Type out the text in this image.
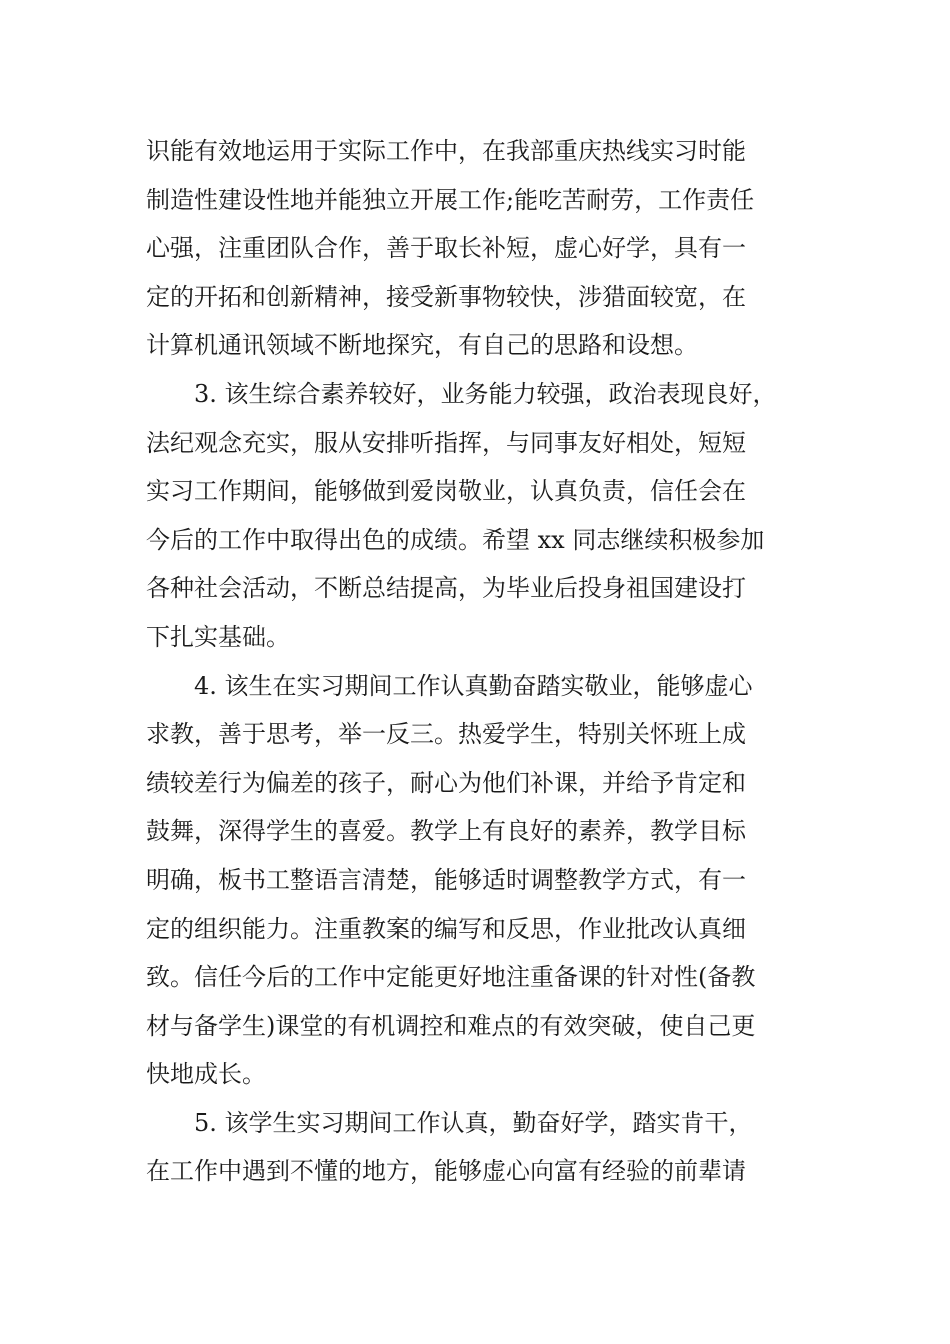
识能有效地运用于实际工作中，在我部重庆热线实习时能
制造性建设性地并能独立开展工作;能吃苦耐劳，工作责任
心强，注重团队合作，善于取长补短，虚心好学，具有一
定的开拓和创新精神，接受新事物较快，涉猎面较宽，在
计算机通讯领域不断地探究，有自己的思路和设想。
3. 该生综合素养较好，业务能力较强，政治表现良好，
法纪观念充实，服从安排听指挥，与同事友好相处，短短
实习工作期间，能够做到爱岗敬业，认真负责，信任会在
今后的工作中取得出色的成绩。希望 xx 同志继续积极参加
各种社会活动，不断总结提高，为毕业后投身祖国建设打
下扎实基础。
4. 该生在实习期间工作认真勤奋踏实敬业，能够虚心
求教，善于思考，举一反三。热爱学生，特别关怀班上成
绩较差行为偏差的孩子，耐心为他们补课，并给予肯定和
鼓舞，深得学生的喜爱。教学上有良好的素养，教学目标
明确，板书工整语言清楚，能够适时调整教学方式，有一
定的组织能力。注重教案的编写和反思，作业批改认真细
致。信任今后的工作中定能更好地注重备课的针对性(备教
材与备学生)课堂的有机调控和难点的有效突破，使自己更
快地成长。
5. 该学生实习期间工作认真，勤奋好学，踏实肯干，
在工作中遇到不懂的地方，能够虚心向富有经验的前辈请
